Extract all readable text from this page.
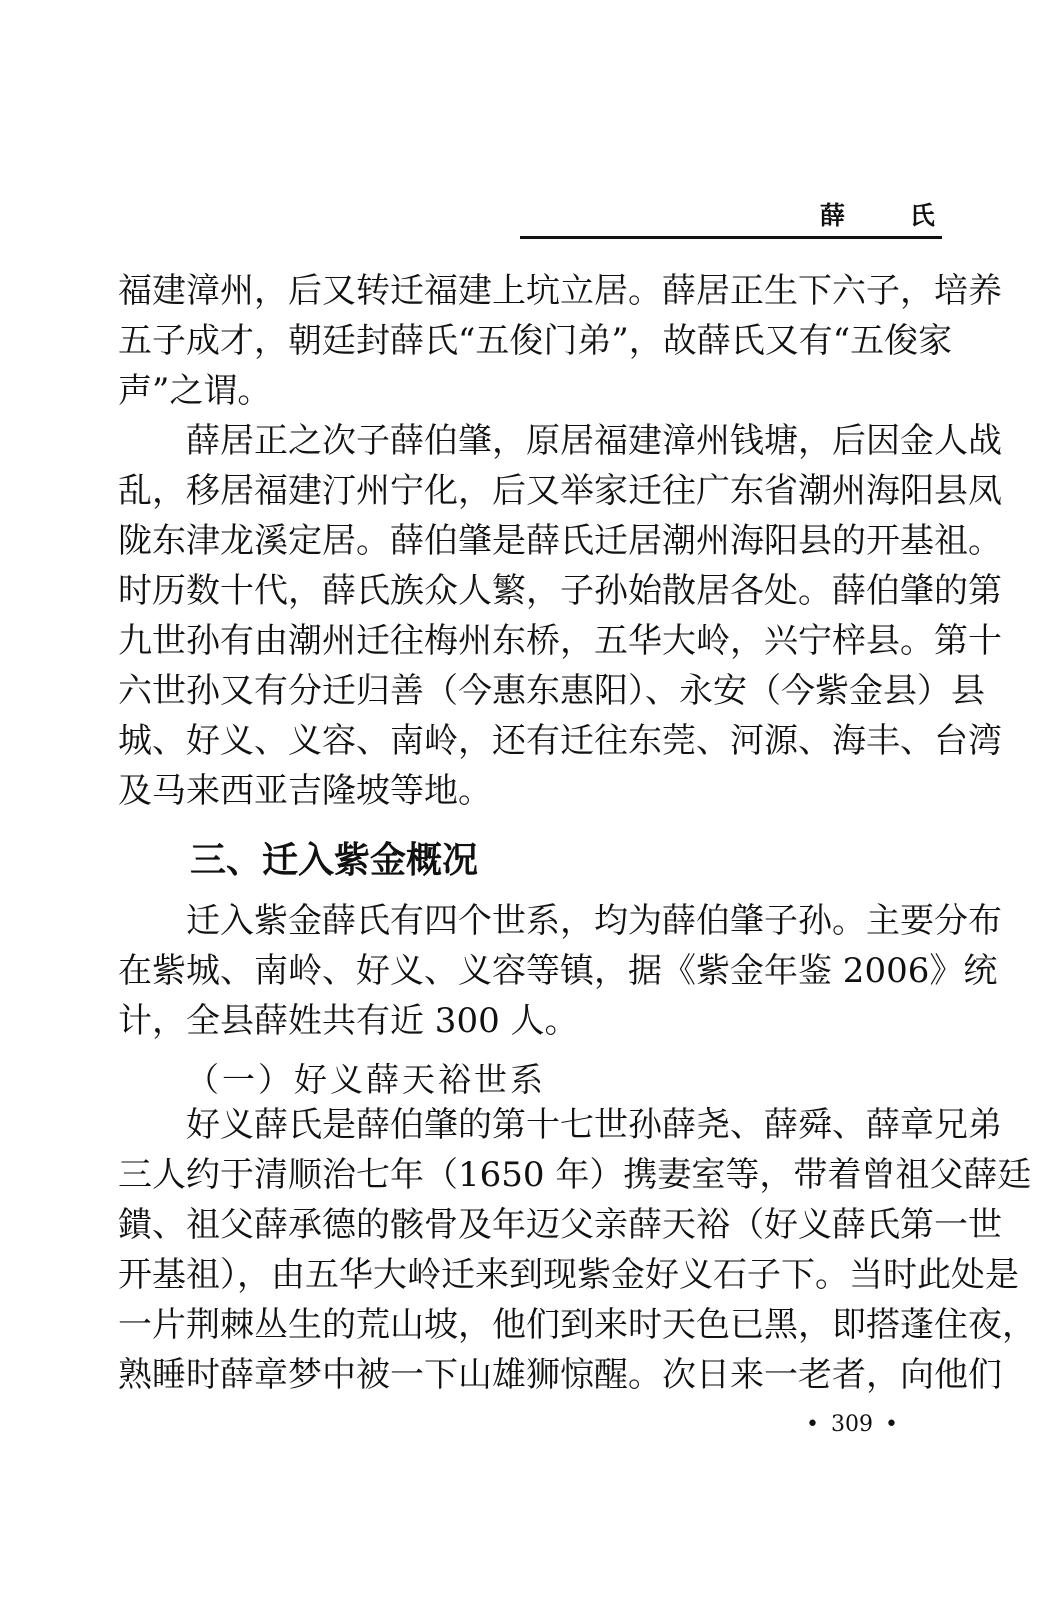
薛 氏
福建漳州，后又转迁福建上坑立居。薛居正生下六子，培养
五子成才，朝廷封薛氏“五俊门弟”，故薛氏又有“五俊家
声”之谓。
薛居正之次子薛伯肇，原居福建漳州钱塘，后因金人战
乱，移居福建汀州宁化，后又举家迁往广东省潮州海阳县凤
陇东津龙溪定居。薛伯肇是薛氏迁居潮州海阳县的开基祖。
时历数十代，薛氏族众人繁，子孙始散居各处。薛伯肇的第
九世孙有由潮州迁往梅州东桥，五华大岭，兴宁梓县。第十
六世孙又有分迁归善（今惠东惠阳）、永安（今紫金县）县
城、好义、义容、南岭，还有迁往东莞、河源、海丰、台湾
及马来西亚吉隆坡等地。
三、迁入紫金概况
迁入紫金薛氏有四个世系，均为薛伯肇子孙。主要分布
在紫城、南岭、好义、义容等镇，据《紫金年鉴 2006》统
计，全县薛姓共有近 300 人。
（一）好义薛天裕世系
好义薛氏是薛伯肇的第十七世孙薛尧、薛舜、薛章兄弟
三人约于清顺治七年（1650 年）携妻室等，带着曾祖父薛廷
鐀、祖父薛承德的骸骨及年迈父亲薛天裕（好义薛氏第一世
开基祖），由五华大岭迁来到现紫金好义石子下。当时此处是
一片荆棘丛生的荒山坡，他们到来时天色已黑，即搭蓬住夜，
熟睡时薛章梦中被一下山雄狮惊醒。次日来一老者，向他们
• 309 •
